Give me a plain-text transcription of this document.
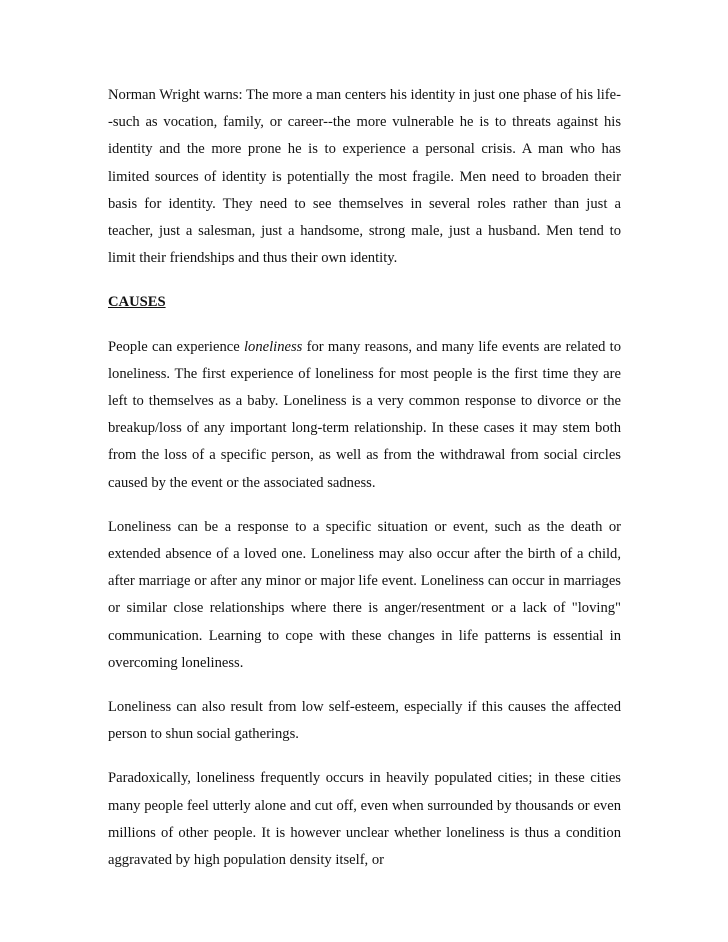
Norman Wright warns: The more a man centers his identity in just one phase of his life--such as vocation, family, or career--the more vulnerable he is to threats against his identity and the more prone he is to experience a personal crisis. A man who has limited sources of identity is potentially the most fragile. Men need to broaden their basis for identity. They need to see themselves in several roles rather than just a teacher, just a salesman, just a handsome, strong male, just a husband. Men tend to limit their friendships and thus their own identity.

CAUSES

People can experience loneliness for many reasons, and many life events are related to loneliness. The first experience of loneliness for most people is the first time they are left to themselves as a baby. Loneliness is a very common response to divorce or the breakup/loss of any important long-term relationship. In these cases it may stem both from the loss of a specific person, as well as from the withdrawal from social circles caused by the event or the associated sadness.

Loneliness can be a response to a specific situation or event, such as the death or extended absence of a loved one. Loneliness may also occur after the birth of a child, after marriage or after any minor or major life event. Loneliness can occur in marriages or similar close relationships where there is anger/resentment or a lack of "loving" communication. Learning to cope with these changes in life patterns is essential in overcoming loneliness.

Loneliness can also result from low self-esteem, especially if this causes the affected person to shun social gatherings.

Paradoxically, loneliness frequently occurs in heavily populated cities; in these cities many people feel utterly alone and cut off, even when surrounded by thousands or even millions of other people. It is however unclear whether loneliness is thus a condition aggravated by high population density itself, or
